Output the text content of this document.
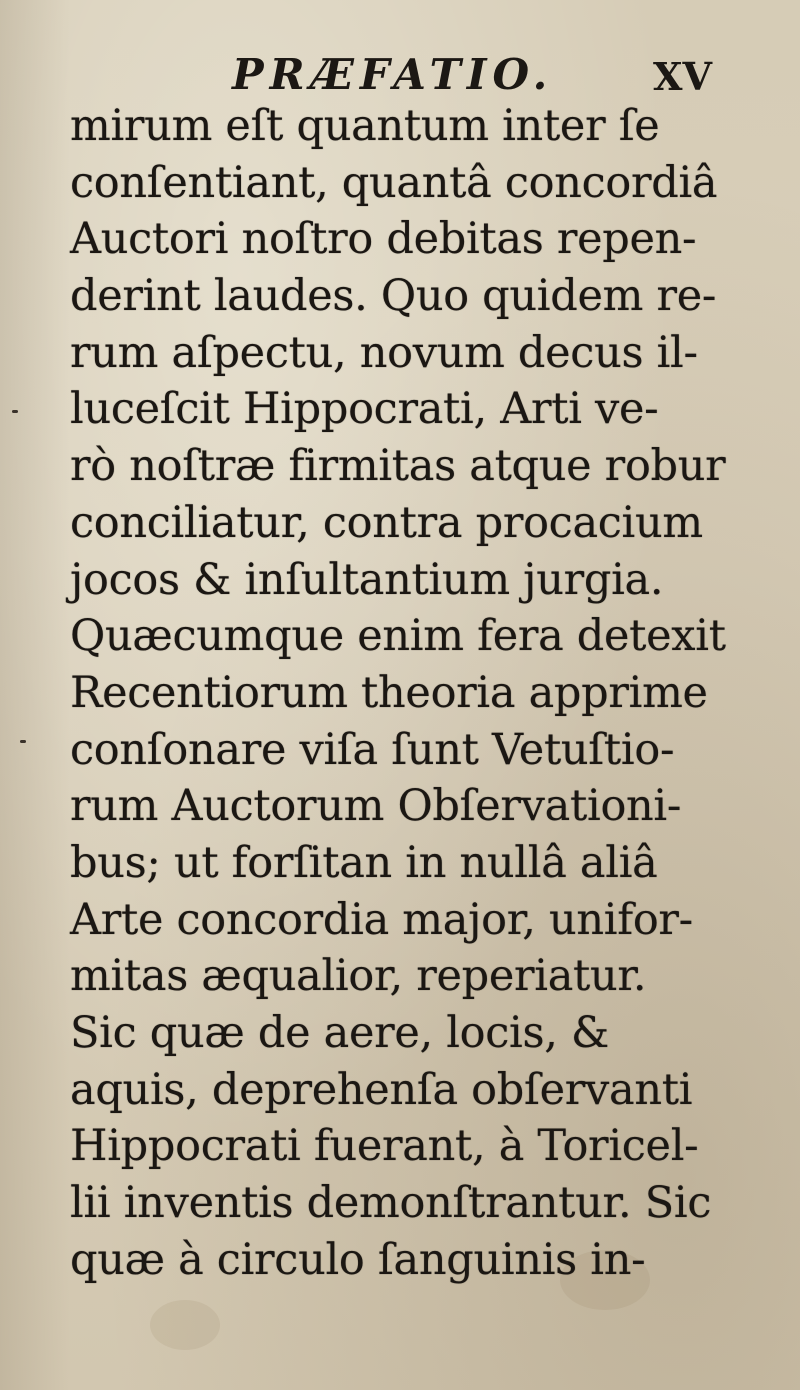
PRÆFATIO.	XV
mirum eſt quantum inter ſe
conſentiant, quantâ concordiâ
Auctori noſtro debitas repen-
derint laudes. Quo quidem re-
rum aſpectu, novum decus il-
luceſcit Hippocrati, Arti ve-
rò noſtræ firmitas atque robur
conciliatur, contra procacium
jocos & inſultantium jurgia.
Quæcumque enim fera detexit
Recentiorum theoria apprime
conſonare viſa ſunt Vetuſtio-
rum Auctorum Obſervationi-
bus; ut forſitan in nullâ aliâ
Arte concordia major, unifor-
mitas æqualior, reperiatur.
Sic quæ de aere, locis, &
aquis, deprehenſa obſervanti
Hippocrati fuerant, à Toricel-
lii inventis demonſtrantur. Sic
quæ à circulo ſanguinis in-
